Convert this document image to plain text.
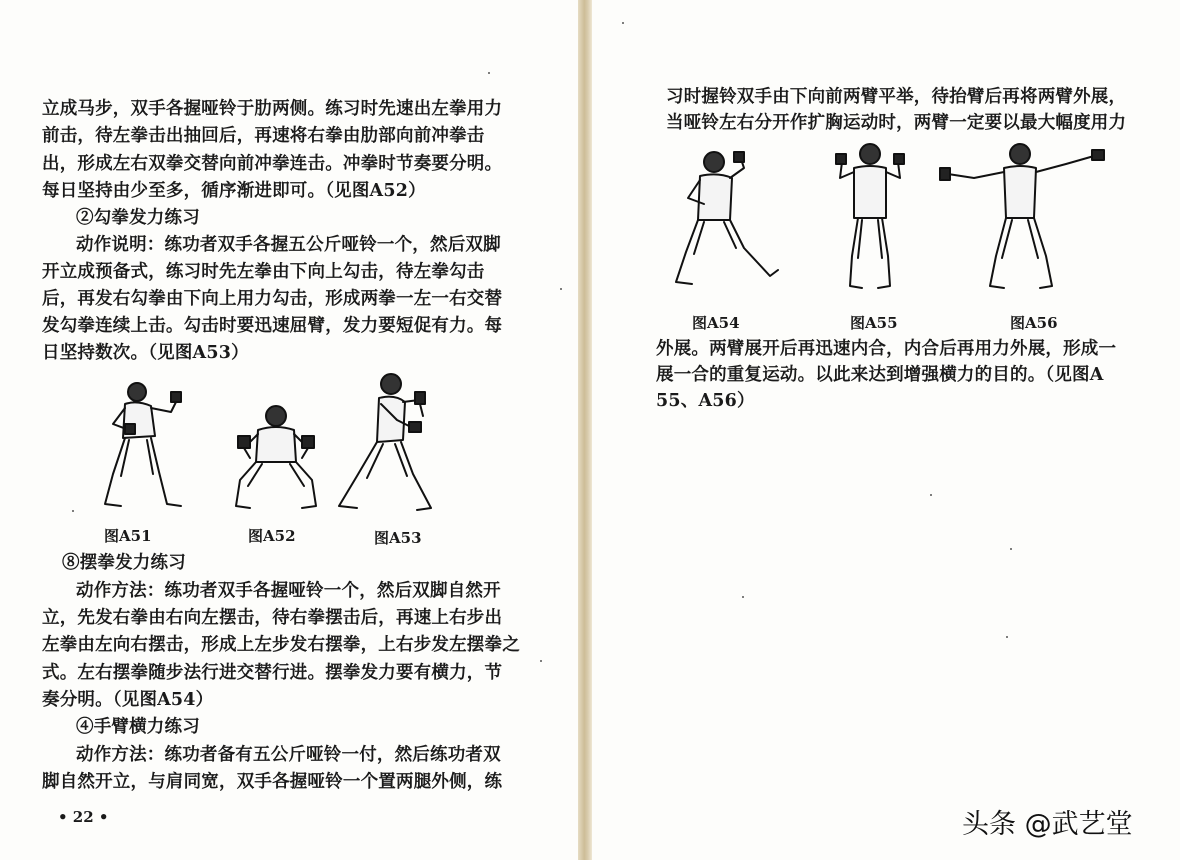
立成马步，双手各握哑铃于肋两侧。练习时先速出左拳用力
前击，待左拳击出抽回后，再速将右拳由肋部向前冲拳击
出，形成左右双拳交替向前冲拳连击。冲拳时节奏要分明。
每日坚持由少至多，循序渐进即可。（见图A52）
②勾拳发力练习
动作说明：练功者双手各握五公斤哑铃一个，然后双脚
开立成预备式，练习时先左拳由下向上勾击，待左拳勾击
后，再发右勾拳由下向上用力勾击，形成两拳一左一右交替
发勾拳连续上击。勾击时要迅速屈臂，发力要短促有力。每
日坚持数次。（见图A53）
图A51	图A52	图A53
⑧摆拳发力练习
动作方法：练功者双手各握哑铃一个，然后双脚自然开
立，先发右拳由右向左摆击，待右拳摆击后，再速上右步出
左拳由左向右摆击，形成上左步发右摆拳，上右步发左摆拳之
式。左右摆拳随步法行进交替行进。摆拳发力要有横力，节
奏分明。（见图A54）
④手臂横力练习
动作方法：练功者备有五公斤哑铃一付，然后练功者双
脚自然开立，与肩同宽，双手各握哑铃一个置两腿外侧，练
• 22 •
习时握铃双手由下向前两臂平举，待抬臂后再将两臂外展，
当哑铃左右分开作扩胸运动时，两臂一定要以最大幅度用力
图A54	图A55	图A56
外展。两臂展开后再迅速内合，内合后再用力外展，形成一
展一合的重复运动。以此来达到增强横力的目的。（见图A
55、A56）
头条 @武艺堂
